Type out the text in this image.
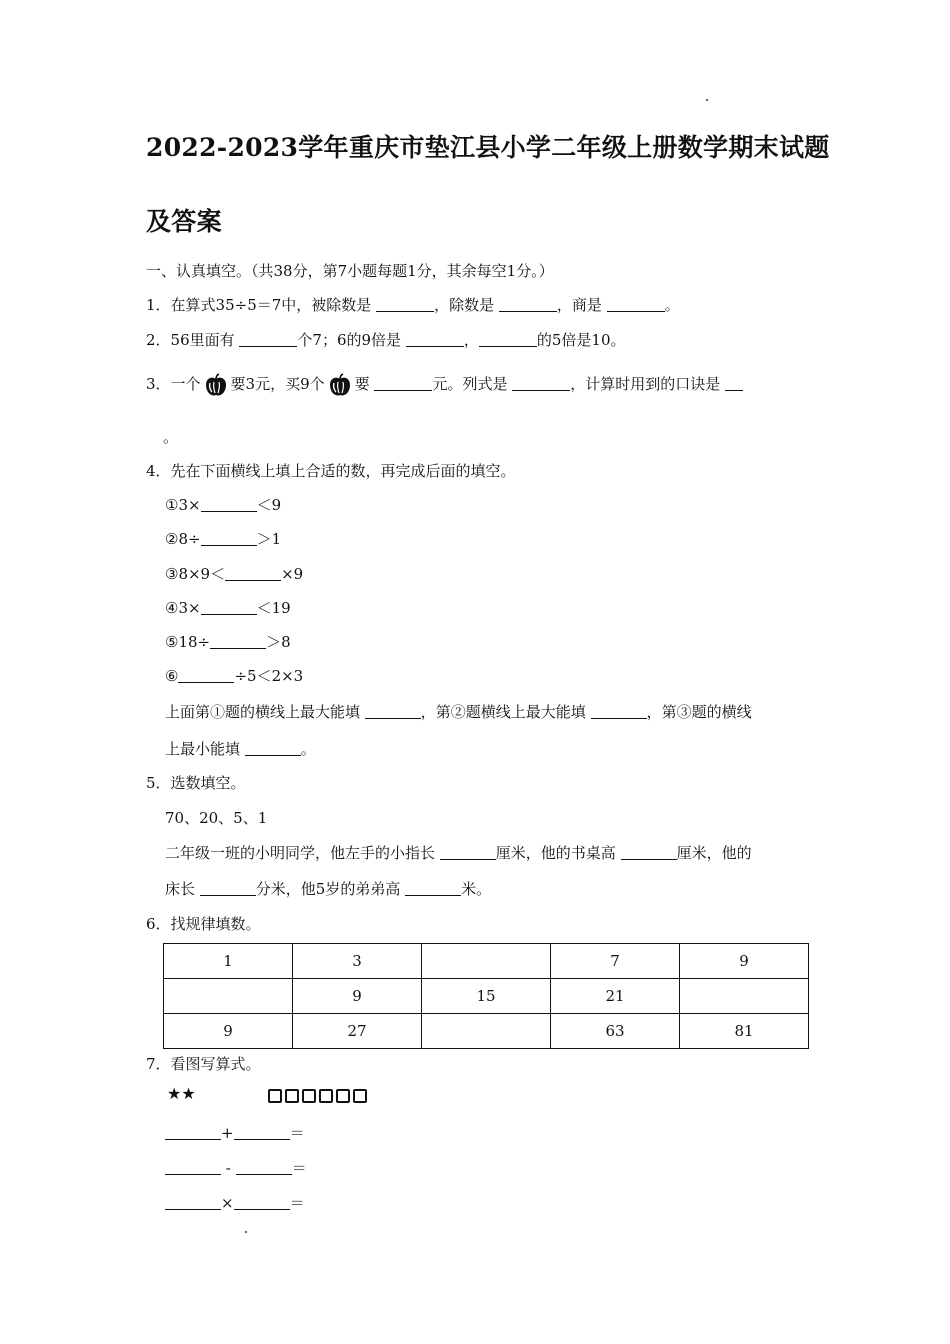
2022-2023学年重庆市垫江县小学二年级上册数学期末试题
及答案
一、认真填空。（共38分，第7小题每题1分，其余每空1分。）
1．在算式35÷5＝7中，被除数是	，除数是	，商是	。
2．56里面有	个7；6的9倍是	，	的5倍是10。
3．一个 要3元，买9个 要	元。列式是	，计算时用到的口诀是
。
4．先在下面横线上填上合适的数，再完成后面的填空。
①3×	＜9
②8÷	＞1
③8×9＜	×9
④3×	＜19
⑤18÷	＞8
⑥	÷5＜2×3
上面第①题的横线上最大能填	，第②题横线上最大能填	，第③题的横线
上最小能填	。
5．选数填空。
70、20、5、1
二年级一班的小明同学，他左手的小指长	厘米，他的书桌高	厘米，他的
床长	分米，他5岁的弟弟高	米。
6．找规律填数。
1	3		7	9
	9	15	21	
9	27		63	81
7．看图写算式。
★★
+	＝
-	＝
×	＝
